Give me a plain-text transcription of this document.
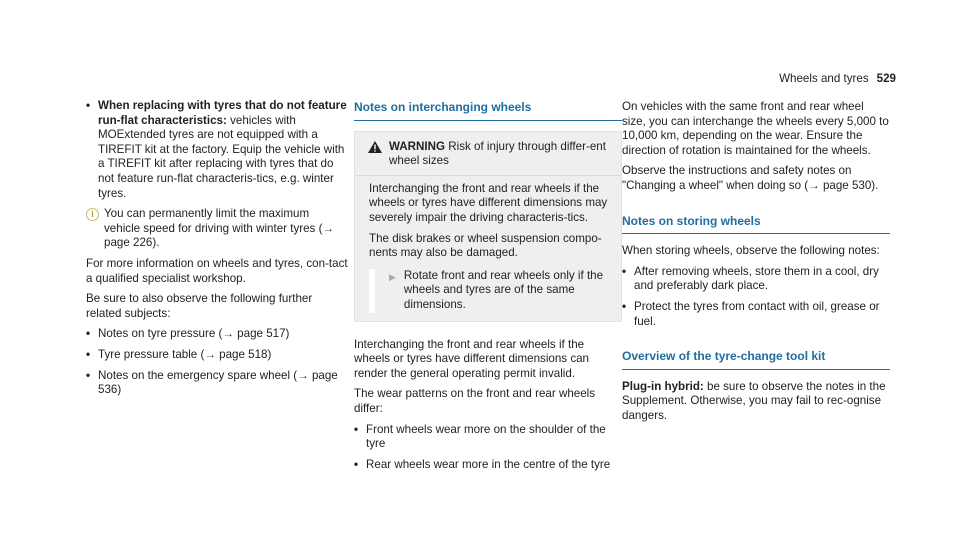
Wheels and tyres 529
• When replacing with tyres that do not feature run-flat characteristics: vehicles with MOExtended tyres are not equipped with a TIREFIT kit at the factory. Equip the vehicle with a TIREFIT kit after replacing with tyres that do not feature run-flat characteris-tics, e.g. winter tyres.
i You can permanently limit the maximum vehicle speed for driving with winter tyres (→ page 226).

For more information on wheels and tyres, con-tact a qualified specialist workshop.

Be sure to also observe the following further related subjects:

• Notes on tyre pressure (→ page 517)
• Tyre pressure table (→ page 518)
• Notes on the emergency spare wheel (→ page 536)
Notes on interchanging wheels
WARNING Risk of injury through differ-ent wheel sizes

Interchanging the front and rear wheels if the wheels or tyres have different dimensions may severely impair the driving characteris-tics.

The disk brakes or wheel suspension compo-nents may also be damaged.

▶ Rotate front and rear wheels only if the wheels and tyres are of the same dimensions.

Interchanging the front and rear wheels if the wheels or tyres have different dimensions can render the general operating permit invalid.

The wear patterns on the front and rear wheels differ:

• Front wheels wear more on the shoulder of the tyre
• Rear wheels wear more in the centre of the tyre

On vehicles with the same front and rear wheel size, you can interchange the wheels every 5,000 to 10,000 km, depending on the wear. Ensure the direction of rotation is maintained for the wheels.

Observe the instructions and safety notes on "Changing a wheel" when doing so (→ page 530).

Notes on storing wheels

When storing wheels, observe the following notes:

• After removing wheels, store them in a cool, dry and preferably dark place.
• Protect the tyres from contact with oil, grease or fuel.
Overview of the tyre-change tool kit

Plug-in hybrid: be sure to observe the notes in the Supplement. Otherwise, you may fail to rec-ognise dangers.
